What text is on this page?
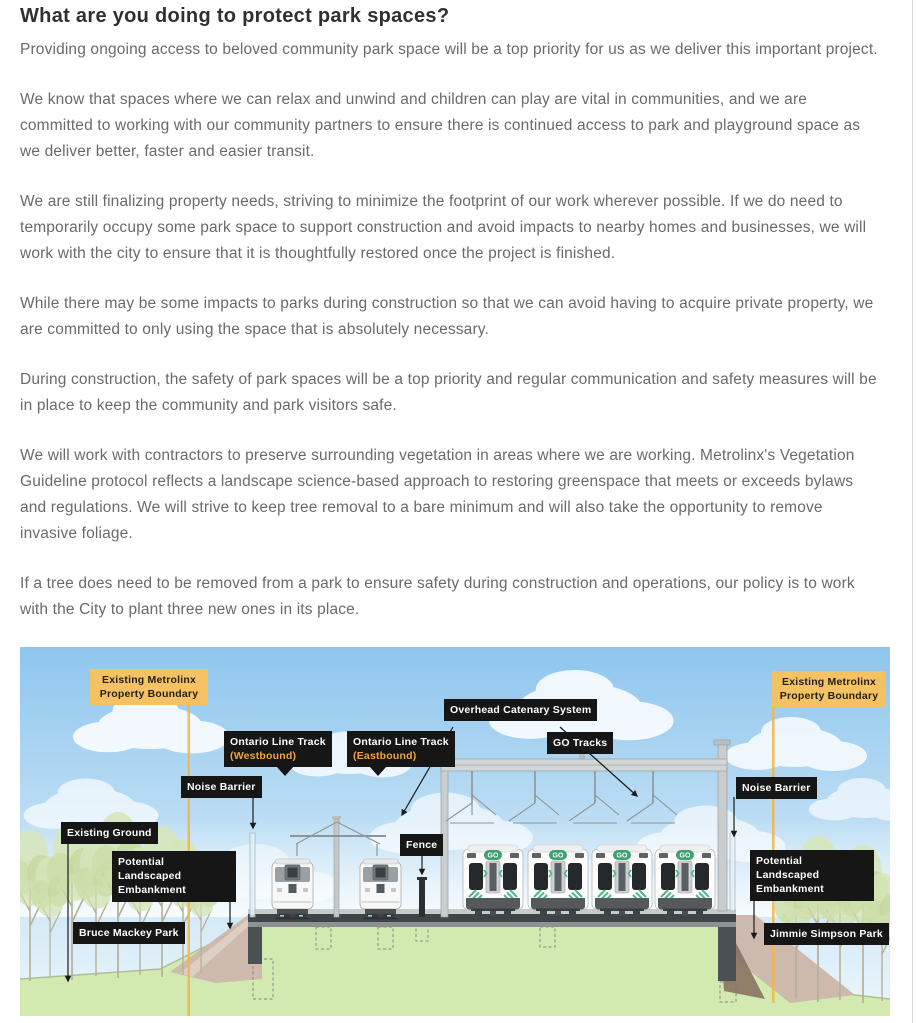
What are you doing to protect park spaces?

Providing ongoing access to beloved community park space will be a top priority for us as we deliver this important project.

We know that spaces where we can relax and unwind and children can play are vital in communities, and we are committed to working with our community partners to ensure there is continued access to park and playground space as we deliver better, faster and easier transit.

We are still finalizing property needs, striving to minimize the footprint of our work wherever possible. If we do need to temporarily occupy some park space to support construction and avoid impacts to nearby homes and businesses, we will work with the city to ensure that it is thoughtfully restored once the project is finished.

While there may be some impacts to parks during construction so that we can avoid having to acquire private property, we are committed to only using the space that is absolutely necessary.

During construction, the safety of park spaces will be a top priority and regular communication and safety measures will be in place to keep the community and park visitors safe.

We will work with contractors to preserve surrounding vegetation in areas where we are working. Metrolinx's Vegetation Guideline protocol reflects a landscape science-based approach to restoring greenspace that meets or exceeds bylaws and regulations. We will strive to keep tree removal to a bare minimum and will also take the opportunity to remove invasive foliage.

If a tree does need to be removed from a park to ensure safety during construction and operations, our policy is to work with the City to plant three new ones in its place.

Existing Metrolinx Property Boundary
Existing Metrolinx Property Boundary
Ontario Line Track
(Westbound)
Ontario Line Track
(Eastbound)
Overhead Catenary System
GO Tracks
Noise Barrier	Noise Barrier
Existing Ground
Potential Landscaped Embankment
Potential Landscaped Embankment
Fence
Bruce Mackey Park	Jimmie Simpson Park
